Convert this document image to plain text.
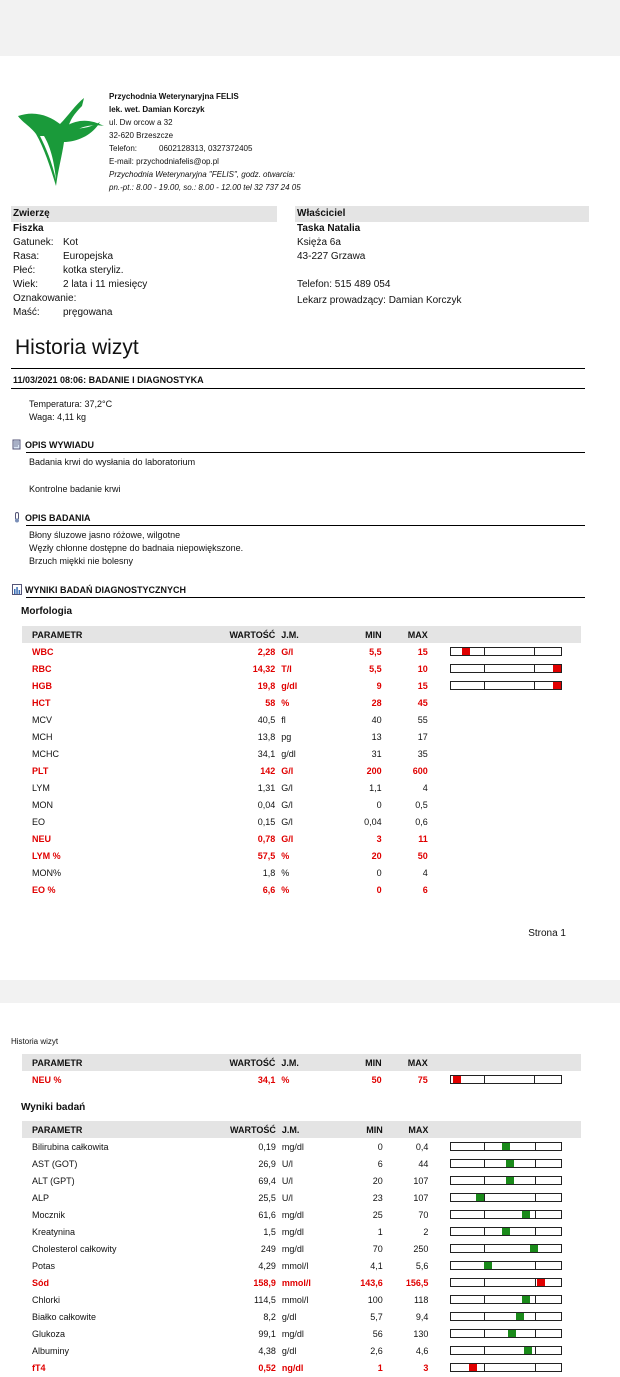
Przychodnia Weterynaryjna FELIS
lek. wet. Damian Korczyk
ul. Dw orcow a 32
32-620 Brzeszcze
Telefon:	0602128313, 0327372405
E-mail: przychodniafelis@op.pl
Przychodnia Weterynaryjna "FELIS", godz. otwarcia:
pn.-pt.: 8.00 - 19.00, so.: 8.00 - 12.00 tel 32 737 24 05
Zwierzę
Fiszka
Gatunek: Kot
Rasa: Europejska
Płeć:	kotka steryliz.
Wiek:	2 lata i 11 miesięcy
Oznakowanie:
Maść: pręgowana
Właściciel
Taska Natalia
Księża 6a
43-227 Grzawa
Telefon: 515 489 054
Lekarz prowadzący: Damian Korczyk
Historia wizyt
11/03/2021 08:06: BADANIE I DIAGNOSTYKA
Temperatura: 37,2°C
Waga: 4,11 kg
OPIS WYWIADU
Badania krwi do wysłania do laboratorium
Kontrolne badanie krwi
OPIS BADANIA
Błony śluzowe jasno różowe, wilgotne
Węzły chłonne dostępne do badnaia niepowiększone.
Brzuch miękki nie bolesny
WYNIKI BADAŃ DIAGNOSTYCZNYCH
Morfologia
PARAMETR	WARTOŚĆ	J.M.	MIN	MAX	
WBC	2,28	G/l	5,5	15	

RBC	14,32	T/l	5,5	10	

HGB	19,8	g/dl	9	15	

HCT	58	%	28	45	
MCV	40,5	fl	40	55	
MCH	13,8	pg	13	17	
MCHC	34,1	g/dl	31	35	
PLT	142	G/l	200	600	
LYM	1,31	G/l	1,1	4	
MON	0,04	G/l	0	0,5	
EO	0,15	G/l	0,04	0,6	
NEU	0,78	G/l	3	11	
LYM %	57,5	%	20	50	
MON%	1,8	%	0	4	
EO %	6,6	%	0	6	
Strona 1
Historia wizyt
PARAMETR	WARTOŚĆ	J.M.	MIN	MAX	
NEU %	34,1	%	50	75	
Wyniki badań
PARAMETR	WARTOŚĆ	J.M.	MIN	MAX	
Bilirubina całkowita	0,19	mg/dl	0	0,4	

AST (GOT)	26,9	U/l	6	44	

ALT (GPT)	69,4	U/l	20	107	

ALP	25,5	U/l	23	107	

Mocznik	61,6	mg/dl	25	70	

Kreatynina	1,5	mg/dl	1	2	

Cholesterol całkowity	249	mg/dl	70	250	

Potas	4,29	mmol/l	4,1	5,6	

Sód	158,9	mmol/l	143,6	156,5	

Chlorki	114,5	mmol/l	100	118	

Białko całkowite	8,2	g/dl	5,7	9,4	

Glukoza	99,1	mg/dl	56	130	

Albuminy	4,38	g/dl	2,6	4,6	

fT4	0,52	ng/dl	1	3	
